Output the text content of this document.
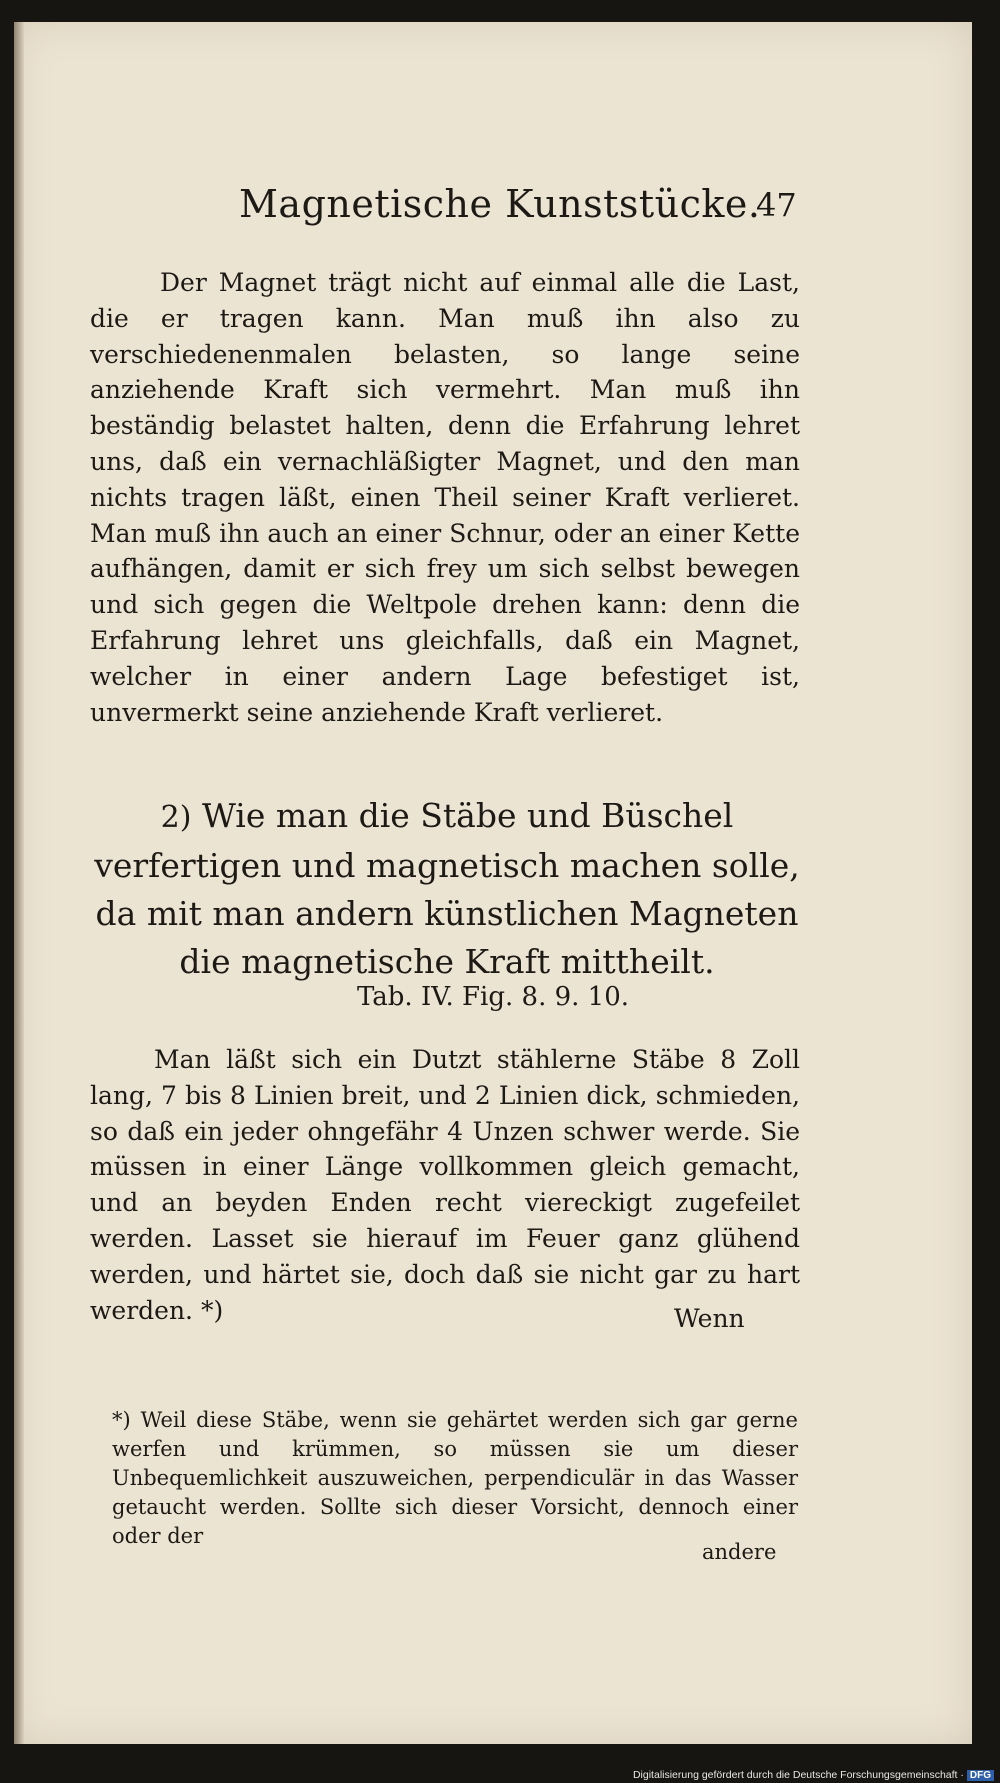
Magnetische Kunststücke.
47

Der Magnet trägt nicht auf einmal alle die Last, die er tragen kann. Man muß ihn also zu verschiedenenmalen belasten, so lange seine anziehende Kraft sich vermehrt. Man muß ihn beständig belastet halten, denn die Erfahrung lehret uns, daß ein vernachläßigter Magnet, und den man nichts tragen läßt, einen Theil seiner Kraft verlieret. Man muß ihn auch an einer Schnur, oder an einer Kette aufhängen, damit er sich frey um sich selbst bewegen und sich gegen die Weltpole drehen kann: denn die Erfahrung lehret uns gleichfalls, daß ein Magnet, welcher in einer andern Lage befestiget ist, unvermerkt seine anziehende Kraft verlieret.

2) Wie man die Stäbe und Büschel verfertigen und magnetisch machen solle, da mit man andern künstlichen Magneten die magnetische Kraft mittheilt.
Tab. IV. Fig. 8. 9. 10.

Man läßt sich ein Dutzt stählerne Stäbe 8 Zoll lang, 7 bis 8 Linien breit, und 2 Linien dick, schmieden, so daß ein jeder ohngefähr 4 Unzen schwer werde. Sie müssen in einer Länge vollkommen gleich gemacht, und an beyden Enden recht viereckigt zugefeilet werden. Lasset sie hierauf im Feuer ganz glühend werden, und härtet sie, doch daß sie nicht gar zu hart werden. *)	Wenn

*) Weil diese Stäbe, wenn sie gehärtet werden sich gar gerne werfen und krümmen, so müssen sie um dieser Unbequemlichkeit auszuweichen, perpendiculär in das Wasser getaucht werden. Sollte sich dieser Vorsicht, dennoch einer oder der

andere
Digitalisierung gefördert durch die Deutsche Forschungsgemeinschaft · DFG
